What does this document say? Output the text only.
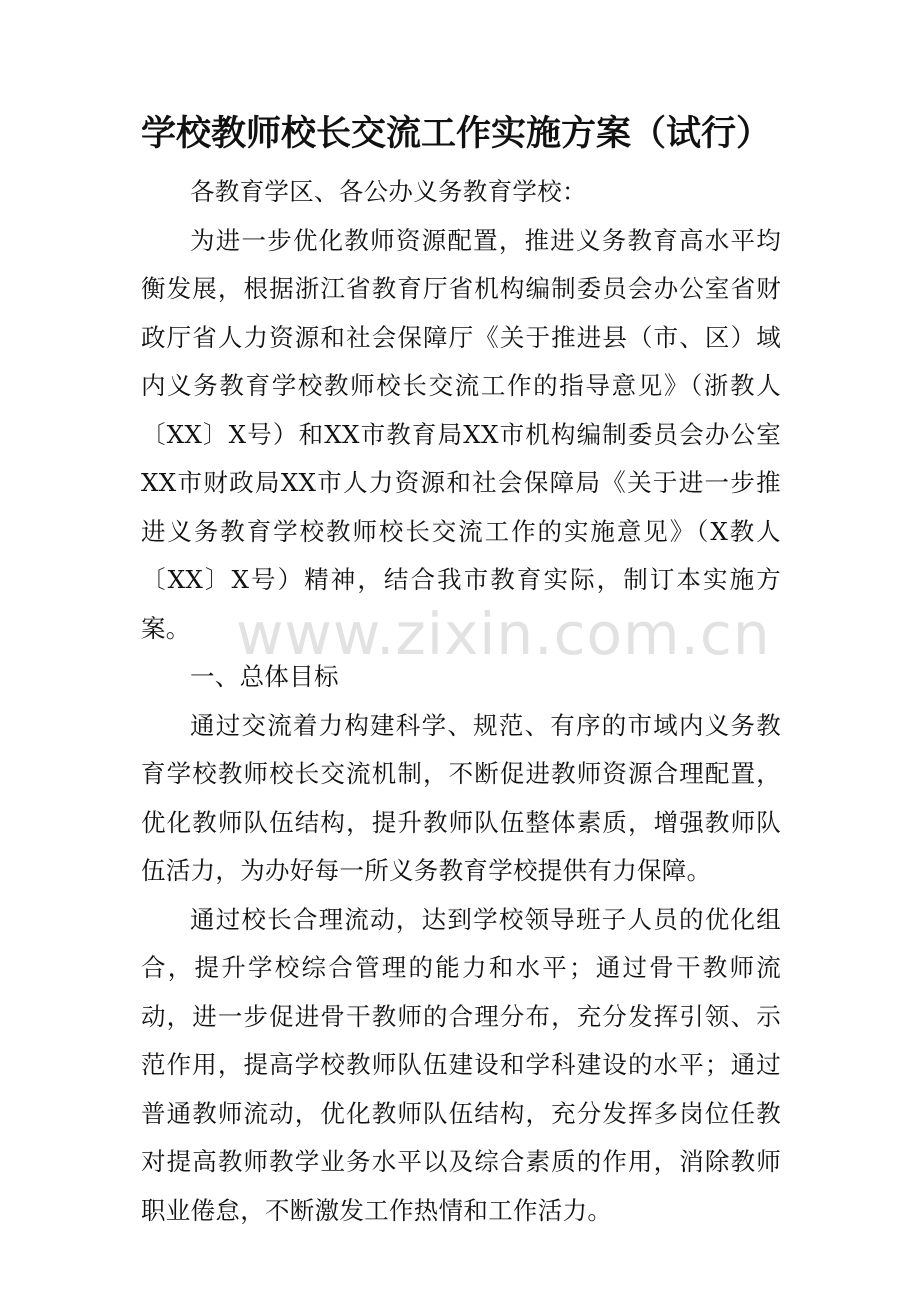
学校教师校长交流工作实施方案（试行）

各教育学区、各公办义务教育学校：

为进一步优化教师资源配置，推进义务教育高水平均衡发展，根据浙江省教育厅省机构编制委员会办公室省财政厅省人力资源和社会保障厅《关于推进县（市、区）域内义务教育学校教师校长交流工作的指导意见》（浙教人〔XX〕X号）和XX市教育局XX市机构编制委员会办公室XX市财政局XX市人力资源和社会保障局《关于进一步推进义务教育学校教师校长交流工作的实施意见》（X教人〔XX〕X号）精神，结合我市教育实际，制订本实施方案。

一、总体目标

通过交流着力构建科学、规范、有序的市域内义务教育学校教师校长交流机制，不断促进教师资源合理配置，优化教师队伍结构，提升教师队伍整体素质，增强教师队伍活力，为办好每一所义务教育学校提供有力保障。

通过校长合理流动，达到学校领导班子人员的优化组合，提升学校综合管理的能力和水平；通过骨干教师流动，进一步促进骨干教师的合理分布，充分发挥引领、示范作用，提高学校教师队伍建设和学科建设的水平；通过普通教师流动，优化教师队伍结构，充分发挥多岗位任教对提高教师教学业务水平以及综合素质的作用，消除教师职业倦怠，不断激发工作热情和工作活力。

www.zixin.com.cn
